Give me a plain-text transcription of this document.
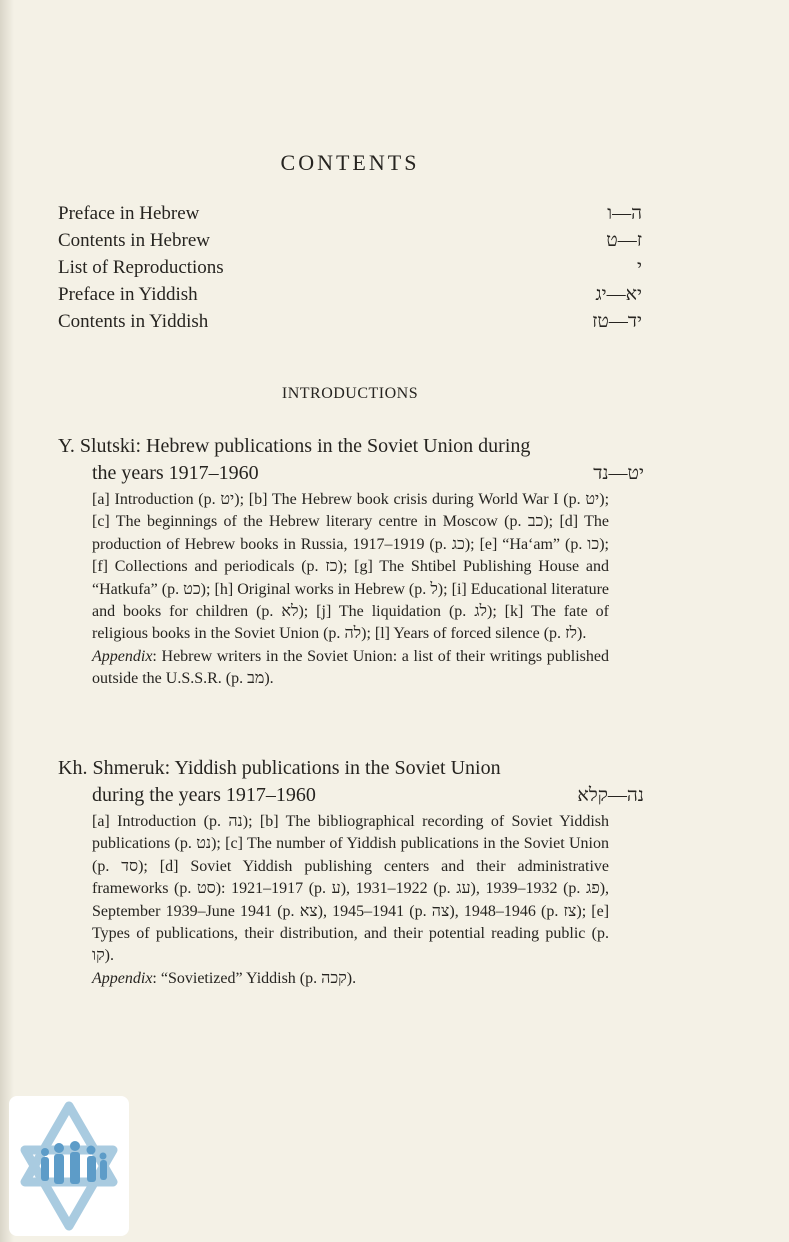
CONTENTS
Preface in Hebrew	ה—ו
Contents in Hebrew	ז—ט
List of Reproductions	י
Preface in Yiddish	יא—יג
Contents in Yiddish	יד—טז
INTRODUCTIONS
Y. Slutski: Hebrew publications in the Soviet Union during
the years 1917–1960	יט—נד
[a] Introduction (p. יט); [b] The Hebrew book crisis during World War I (p. יט); [c] The beginnings of the Hebrew literary centre in Moscow (p. כב); [d] The production of Hebrew books in Russia, 1917–1919 (p. כג); [e] “Ha‘am” (p. כו); [f] Collections and periodicals (p. כז); [g] The Shtibel Publishing House and “Hatkufa” (p. כט); [h] Original works in Hebrew (p. ל); [i] Educational literature and books for children (p. לא); [j] The liquidation (p. לג); [k] The fate of religious books in the Soviet Union (p. לה); [l] Years of forced silence (p. לז).
Appendix: Hebrew writers in the Soviet Union: a list of their writings published outside the U.S.S.R. (p. מב).
Kh. Shmeruk: Yiddish publications in the Soviet Union
during the years 1917–1960	נה—קלא
[a] Introduction (p. נה); [b] The bibliographical recording of Soviet Yiddish publications (p. נט); [c] The number of Yiddish publications in the Soviet Union (p. סד); [d] Soviet Yiddish publishing centers and their administrative frameworks (p. סט): 1917–1921 (p. ע), 1922–1931 (p. עג), 1932–1939 (p. פג), September 1939–June 1941 (p. צא), 1941–1945 (p. צה), 1946–1948 (p. צז); [e] Types of publications, their distribution, and their potential reading public (p. קו).
Appendix: “Sovietized” Yiddish (p. קכה).
